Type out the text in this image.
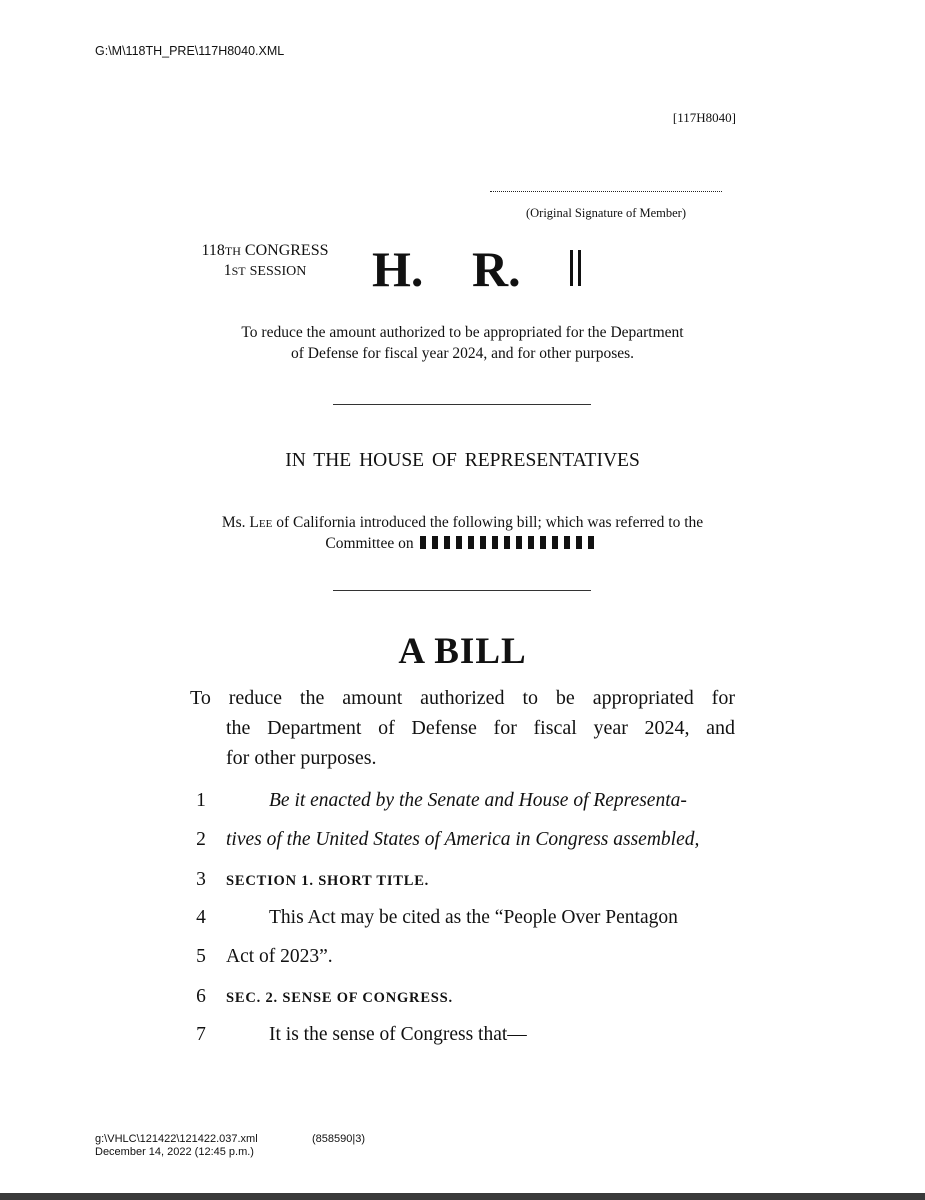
G:\M\118TH_PRE\117H8040.XML
[117H8040]
(Original Signature of Member)
118TH CONGRESS
1ST SESSION	H. R.
To reduce the amount authorized to be appropriated for the Department
of Defense for fiscal year 2024, and for other purposes.
IN THE HOUSE OF REPRESENTATIVES
Ms. Lee of California introduced the following bill; which was referred to the
Committee on
A BILL
To reduce the amount authorized to be appropriated for
the Department of Defense for fiscal year 2024, and
for other purposes.
1	Be it enacted by the Senate and House of Representa-
2	tives of the United States of America in Congress assembled,
3	SECTION 1. SHORT TITLE.
4	This Act may be cited as the “People Over Pentagon
5	Act of 2023”.
6	SEC. 2. SENSE OF CONGRESS.
7	It is the sense of Congress that—
g:\VHLC\121422\121422.037.xml
December 14, 2022 (12:45 p.m.)
(858590|3)
